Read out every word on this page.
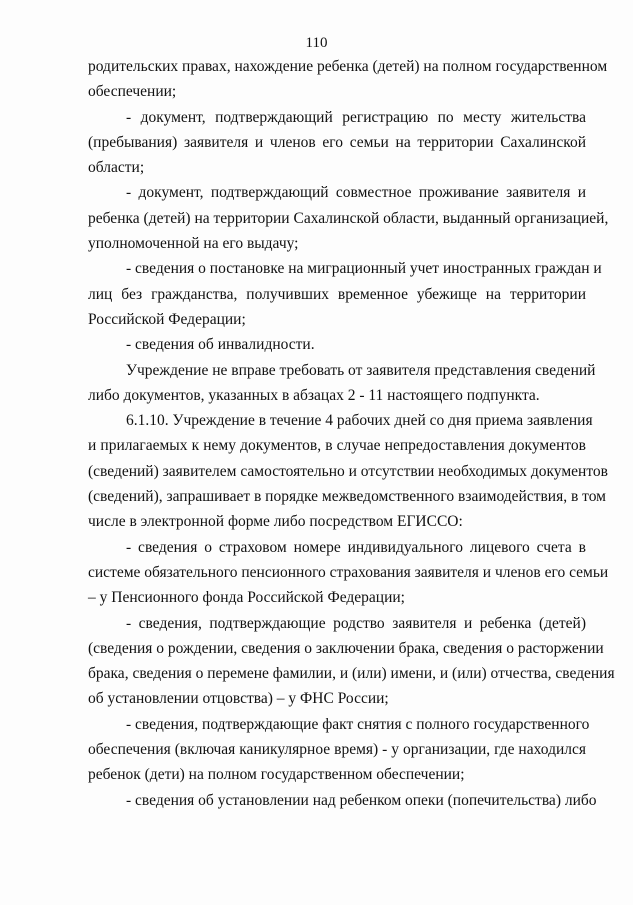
110

родительских правах, нахождение ребенка (детей) на полном государственном
обеспечении;

- документ, подтверждающий регистрацию по месту жительства
(пребывания) заявителя и членов его семьи на территории Сахалинской
области;

- документ, подтверждающий совместное проживание заявителя и
ребенка (детей) на территории Сахалинской области, выданный организацией,
уполномоченной на его выдачу;

- сведения о постановке на миграционный учет иностранных граждан и
лиц без гражданства, получивших временное убежище на территории
Российской Федерации;

- сведения об инвалидности.

Учреждение не вправе требовать от заявителя представления сведений
либо документов, указанных в абзацах 2 - 11 настоящего подпункта.

6.1.10. Учреждение в течение 4 рабочих дней со дня приема заявления
и прилагаемых к нему документов, в случае непредоставления документов
(сведений) заявителем самостоятельно и отсутствии необходимых документов
(сведений), запрашивает в порядке межведомственного взаимодействия, в том
числе в электронной форме либо посредством ЕГИССО:

- сведения о страховом номере индивидуального лицевого счета в
системе обязательного пенсионного страхования заявителя и членов его семьи
– у Пенсионного фонда Российской Федерации;

- сведения, подтверждающие родство заявителя и ребенка (детей)
(сведения о рождении, сведения о заключении брака, сведения о расторжении
брака, сведения о перемене фамилии, и (или) имени, и (или) отчества, сведения
об установлении отцовства) – у ФНС России;

- сведения, подтверждающие факт снятия с полного государственного
обеспечения (включая каникулярное время) - у организации, где находился
ребенок (дети) на полном государственном обеспечении;

- сведения об установлении над ребенком опеки (попечительства) либо
